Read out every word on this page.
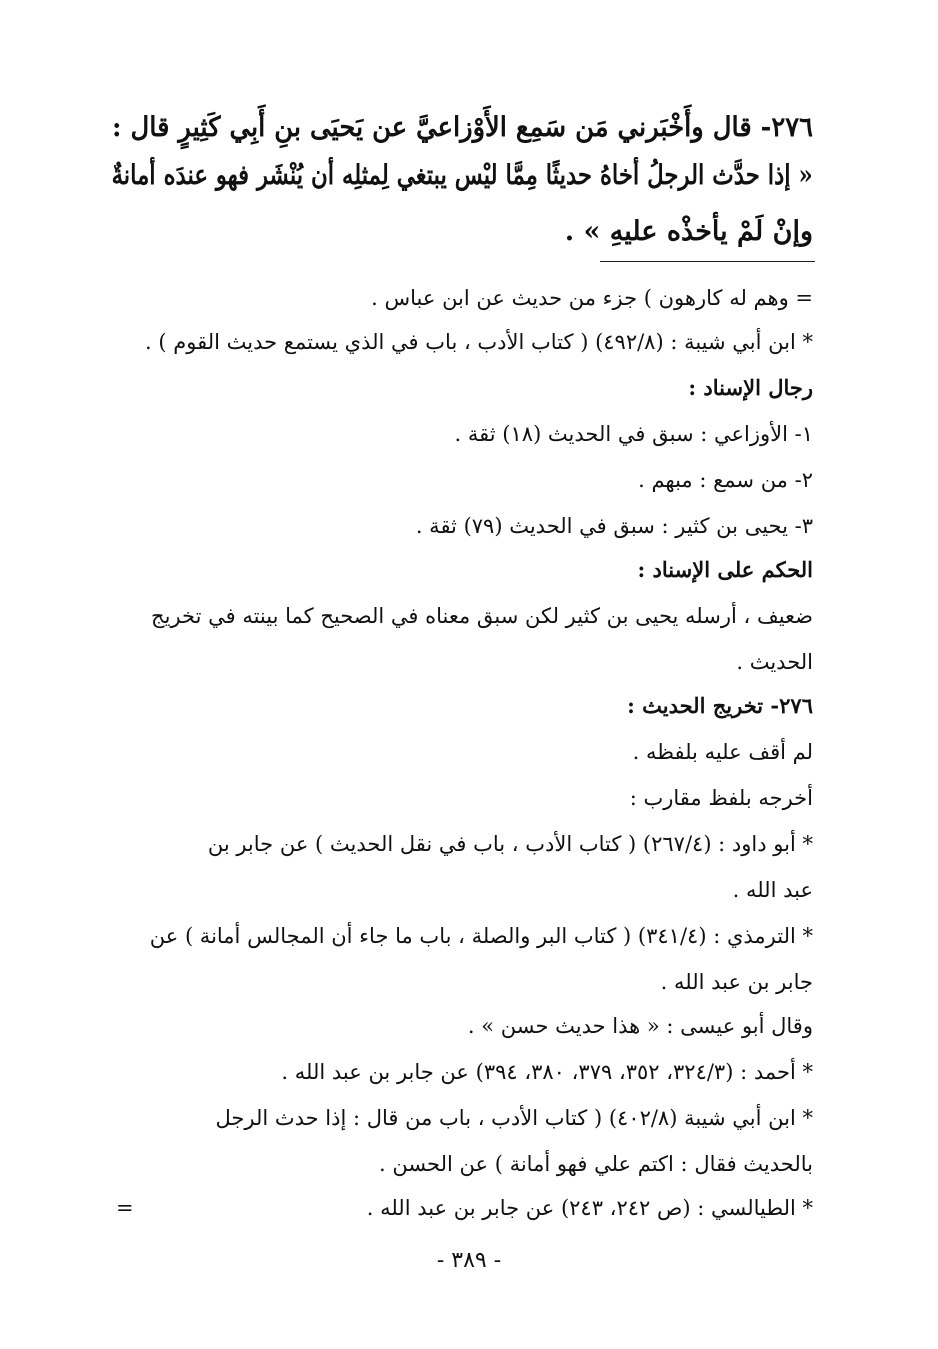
٢٧٦- قال وأَخْبَرني مَن سَمِع الأَوْزاعيَّ عن يَحيَى بنِ أَبِي كَثِيرٍ قال :
« إذا حدَّث الرجلُ أخاهُ حديثًا مِمَّا ليْس يبتغي لِمثلِه أن يُنْشَر فهو عندَه أمانةٌ
وإنْ لَمْ يأخذْه عليهِ » .
= وهم له كارهون ) جزء من حديث عن ابن عباس .
* ابن أبي شيبة : (٤٩٢/٨) ( كتاب الأدب ، باب في الذي يستمع حديث القوم ) .
رجال الإسناد :
١- الأوزاعي : سبق في الحديث (١٨) ثقة .
٢- من سمع : مبهم .
٣- يحيى بن كثير : سبق في الحديث (٧٩) ثقة .
الحكم على الإسناد :
ضعيف ، أرسله يحيى بن كثير لكن سبق معناه في الصحيح كما بينته في تخريج
الحديث .
٢٧٦- تخريج الحديث :
لم أقف عليه بلفظه .
أخرجه بلفظ مقارب :
* أبو داود : (٢٦٧/٤) ( كتاب الأدب ، باب في نقل الحديث ) عن جابر بن
عبد الله .
* الترمذي : (٣٤١/٤) ( كتاب البر والصلة ، باب ما جاء أن المجالس أمانة ) عن
جابر بن عبد الله .
وقال أبو عيسى : « هذا حديث حسن » .
* أحمد : (٣٢٤/٣، ٣٥٢، ٣٧٩، ٣٨٠، ٣٩٤) عن جابر بن عبد الله .
* ابن أبي شيبة (٤٠٢/٨) ( كتاب الأدب ، باب من قال : إذا حدث الرجل
بالحديث فقال : اكتم علي فهو أمانة ) عن الحسن .
* الطيالسي : (ص ٢٤٢، ٢٤٣) عن جابر بن عبد الله .
=
- ٣٨٩ -
